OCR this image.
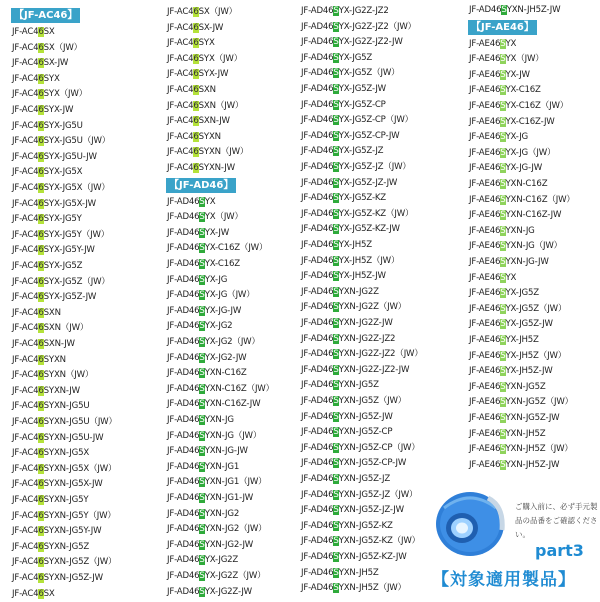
JF-AC46SX
JF-AC46SX（JW）
JF-AC46SX-JW
JF-AC46SYX
JF-AC46SYX（JW）
JF-AC46SYX-JW
JF-AC46SYX-JG5U
JF-AC46SYX-JG5U（JW）
JF-AC46SYX-JG5U-JW
JF-AC46SYX-JG5X
JF-AC46SYX-JG5X（JW）
JF-AC46SYX-JG5X-JW
JF-AC46SYX-JG5Y
JF-AC46SYX-JG5Y（JW）
JF-AC46SYX-JG5Y-JW
JF-AC46SYX-JG5Z
JF-AC46SYX-JG5Z（JW）
JF-AC46SYX-JG5Z-JW
JF-AC46SXN
JF-AC46SXN（JW）
JF-AC46SXN-JW
JF-AC46SYXN
JF-AC46SYXN（JW）
JF-AC46SYXN-JW
JF-AC46SYXN-JG5U
JF-AC46SYXN-JG5U（JW）
JF-AC46SYXN-JG5U-JW
JF-AC46SYXN-JG5X
JF-AC46SYXN-JG5X（JW）
JF-AC46SYXN-JG5X-JW
JF-AC46SYXN-JG5Y
JF-AC46SYXN-JG5Y（JW）
JF-AC46SYXN-JG5Y-JW
JF-AC46SYXN-JG5Z
JF-AC46SYXN-JG5Z（JW）
JF-AC46SYXN-JG5Z-JW
JF-AC46SX
【JF-AC46】	JF-AC46SX（JW）
JF-AC46SX-JW
JF-AC46SYX
JF-AC46SYX（JW）
JF-AC46SYX-JW
JF-AC46SXN
JF-AC46SXN（JW）
JF-AC46SXN-JW
JF-AC46SYXN
JF-AC46SYXN（JW）
JF-AC46SYXN-JW
JF-AD46SYX
JF-AD46SYX（JW）
JF-AD46SYX-JW
JF-AD46SYX-C16Z（JW）
JF-AD46SYX-C16Z
JF-AD46SYX-JG
JF-AD46SYX-JG（JW）
JF-AD46SYX-JG-JW
JF-AD46SYX-JG2
JF-AD46SYX-JG2（JW）
JF-AD46SYX-JG2-JW
JF-AD46SYXN-C16Z
JF-AD46SYXN-C16Z（JW）
JF-AD46SYXN-C16Z-JW
JF-AD46SYXN-JG
JF-AD46SYXN-JG（JW）
JF-AD46SYXN-JG-JW
JF-AD46SYXN-JG1
JF-AD46SYXN-JG1（JW）
JF-AD46SYXN-JG1-JW
JF-AD46SYXN-JG2
JF-AD46SYXN-JG2（JW）
JF-AD46SYXN-JG2-JW
JF-AD46SYX-JG2Z
JF-AD46SYX-JG2Z（JW）
JF-AD46SYX-JG2Z-JW
【JF-AD46】
JF-AD46SYX-JG2Z-JZ2
JF-AD46SYX-JG2Z-JZ2（JW）
JF-AD46SYX-JG2Z-JZ2-JW
JF-AD46SYX-JG5Z
JF-AD46SYX-JG5Z（JW）
JF-AD46SYX-JG5Z-JW
JF-AD46SYX-JG5Z-CP
JF-AD46SYX-JG5Z-CP（JW）
JF-AD46SYX-JG5Z-CP-JW
JF-AD46SYX-JG5Z-JZ
JF-AD46SYX-JG5Z-JZ（JW）
JF-AD46SYX-JG5Z-JZ-JW
JF-AD46SYX-JG5Z-KZ
JF-AD46SYX-JG5Z-KZ（JW）
JF-AD46SYX-JG5Z-KZ-JW
JF-AD46SYX-JH5Z
JF-AD46SYX-JH5Z（JW）
JF-AD46SYX-JH5Z-JW
JF-AD46SYXN-JG2Z
JF-AD46SYXN-JG2Z（JW）
JF-AD46SYXN-JG2Z-JW
JF-AD46SYXN-JG2Z-JZ2
JF-AD46SYXN-JG2Z-JZ2（JW）
JF-AD46SYXN-JG2Z-JZ2-JW
JF-AD46SYXN-JG5Z
JF-AD46SYXN-JG5Z（JW）
JF-AD46SYXN-JG5Z-JW
JF-AD46SYXN-JG5Z-CP
JF-AD46SYXN-JG5Z-CP（JW）
JF-AD46SYXN-JG5Z-CP-JW
JF-AD46SYXN-JG5Z-JZ
JF-AD46SYXN-JG5Z-JZ（JW）
JF-AD46SYXN-JG5Z-JZ-JW
JF-AD46SYXN-JG5Z-KZ
JF-AD46SYXN-JG5Z-KZ（JW）
JF-AD46SYXN-JG5Z-KZ-JW
JF-AD46SYXN-JH5Z
JF-AD46SYXN-JH5Z（JW）
JF-AD46SYXN-JH5Z-JW
JF-AE46SYX
JF-AE46SYX（JW）
JF-AE46SYX-JW
JF-AE46SYX-C16Z
JF-AE46SYX-C16Z（JW）
JF-AE46SYX-C16Z-JW
JF-AE46SYX-JG
JF-AE46SYX-JG（JW）
JF-AE46SYX-JG-JW
JF-AE46SYXN-C16Z
JF-AE46SYXN-C16Z（JW）
JF-AE46SYXN-C16Z-JW
JF-AE46SYXN-JG
JF-AE46SYXN-JG（JW）
JF-AE46SYXN-JG-JW
JF-AE46SYX
JF-AE46SYX-JG5Z
JF-AE46SYX-JG5Z（JW）
JF-AE46SYX-JG5Z-JW
JF-AE46SYX-JH5Z
JF-AE46SYX-JH5Z（JW）
JF-AE46SYX-JH5Z-JW
JF-AE46SYXN-JG5Z
JF-AE46SYXN-JG5Z（JW）
JF-AE46SYXN-JG5Z-JW
JF-AE46SYXN-JH5Z
JF-AE46SYXN-JH5Z（JW）
JF-AE46SYXN-JH5Z-JW
【JF-AE46】
ご購入前に、必ず手元製品の品番をご確認ください。
part3
【対象適用製品】
